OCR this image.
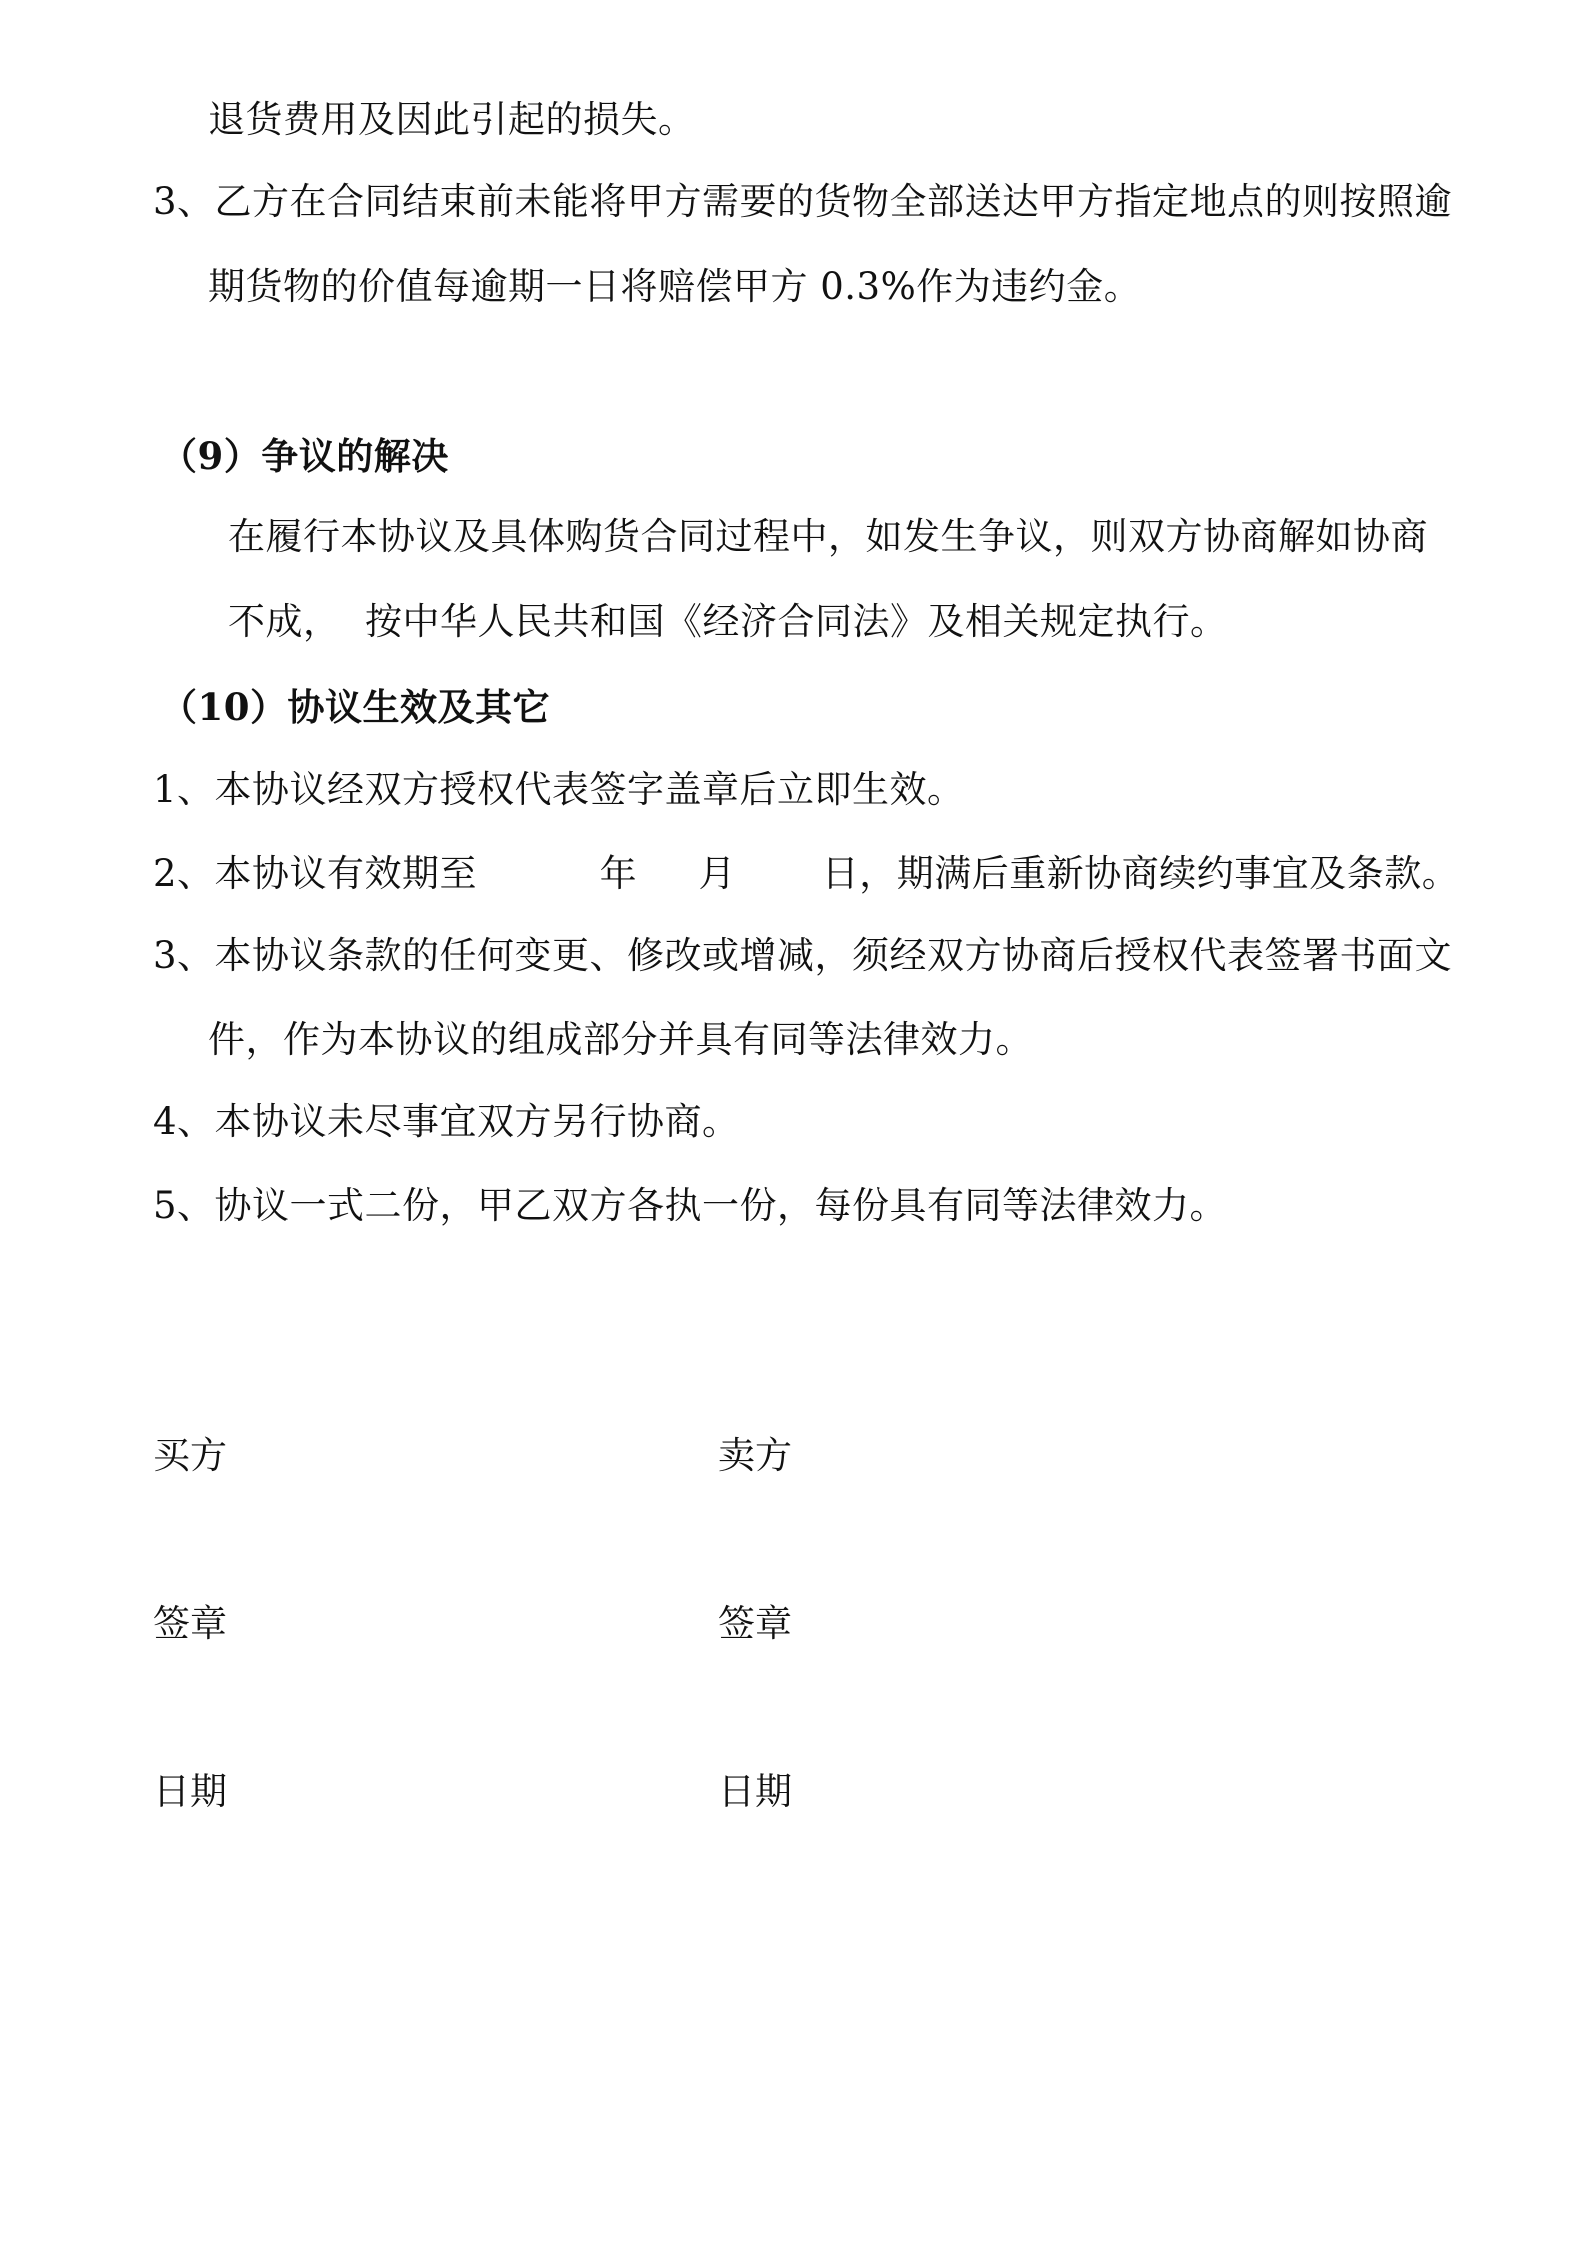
退货费用及因此引起的损失。
3、乙方在合同结束前未能将甲方需要的货物全部送达甲方指定地点的则按照逾
期货物的价值每逾期一日将赔偿甲方 0.3%作为违约金。
（9）争议的解决
在履行本协议及具体购货合同过程中，如发生争议，则双方协商解如协商
不成，  按中华人民共和国《经济合同法》及相关规定执行。
（10）协议生效及其它
1、本协议经双方授权代表签字盖章后立即生效。
2、本协议有效期至          年     月       日，期满后重新协商续约事宜及条款。
3、本协议条款的任何变更、修改或增减，须经双方协商后授权代表签署书面文
件，作为本协议的组成部分并具有同等法律效力。
4、本协议未尽事宜双方另行协商。
5、协议一式二份，甲乙双方各执一份，每份具有同等法律效力。
买方	卖方
签章	签章
日期	日期
